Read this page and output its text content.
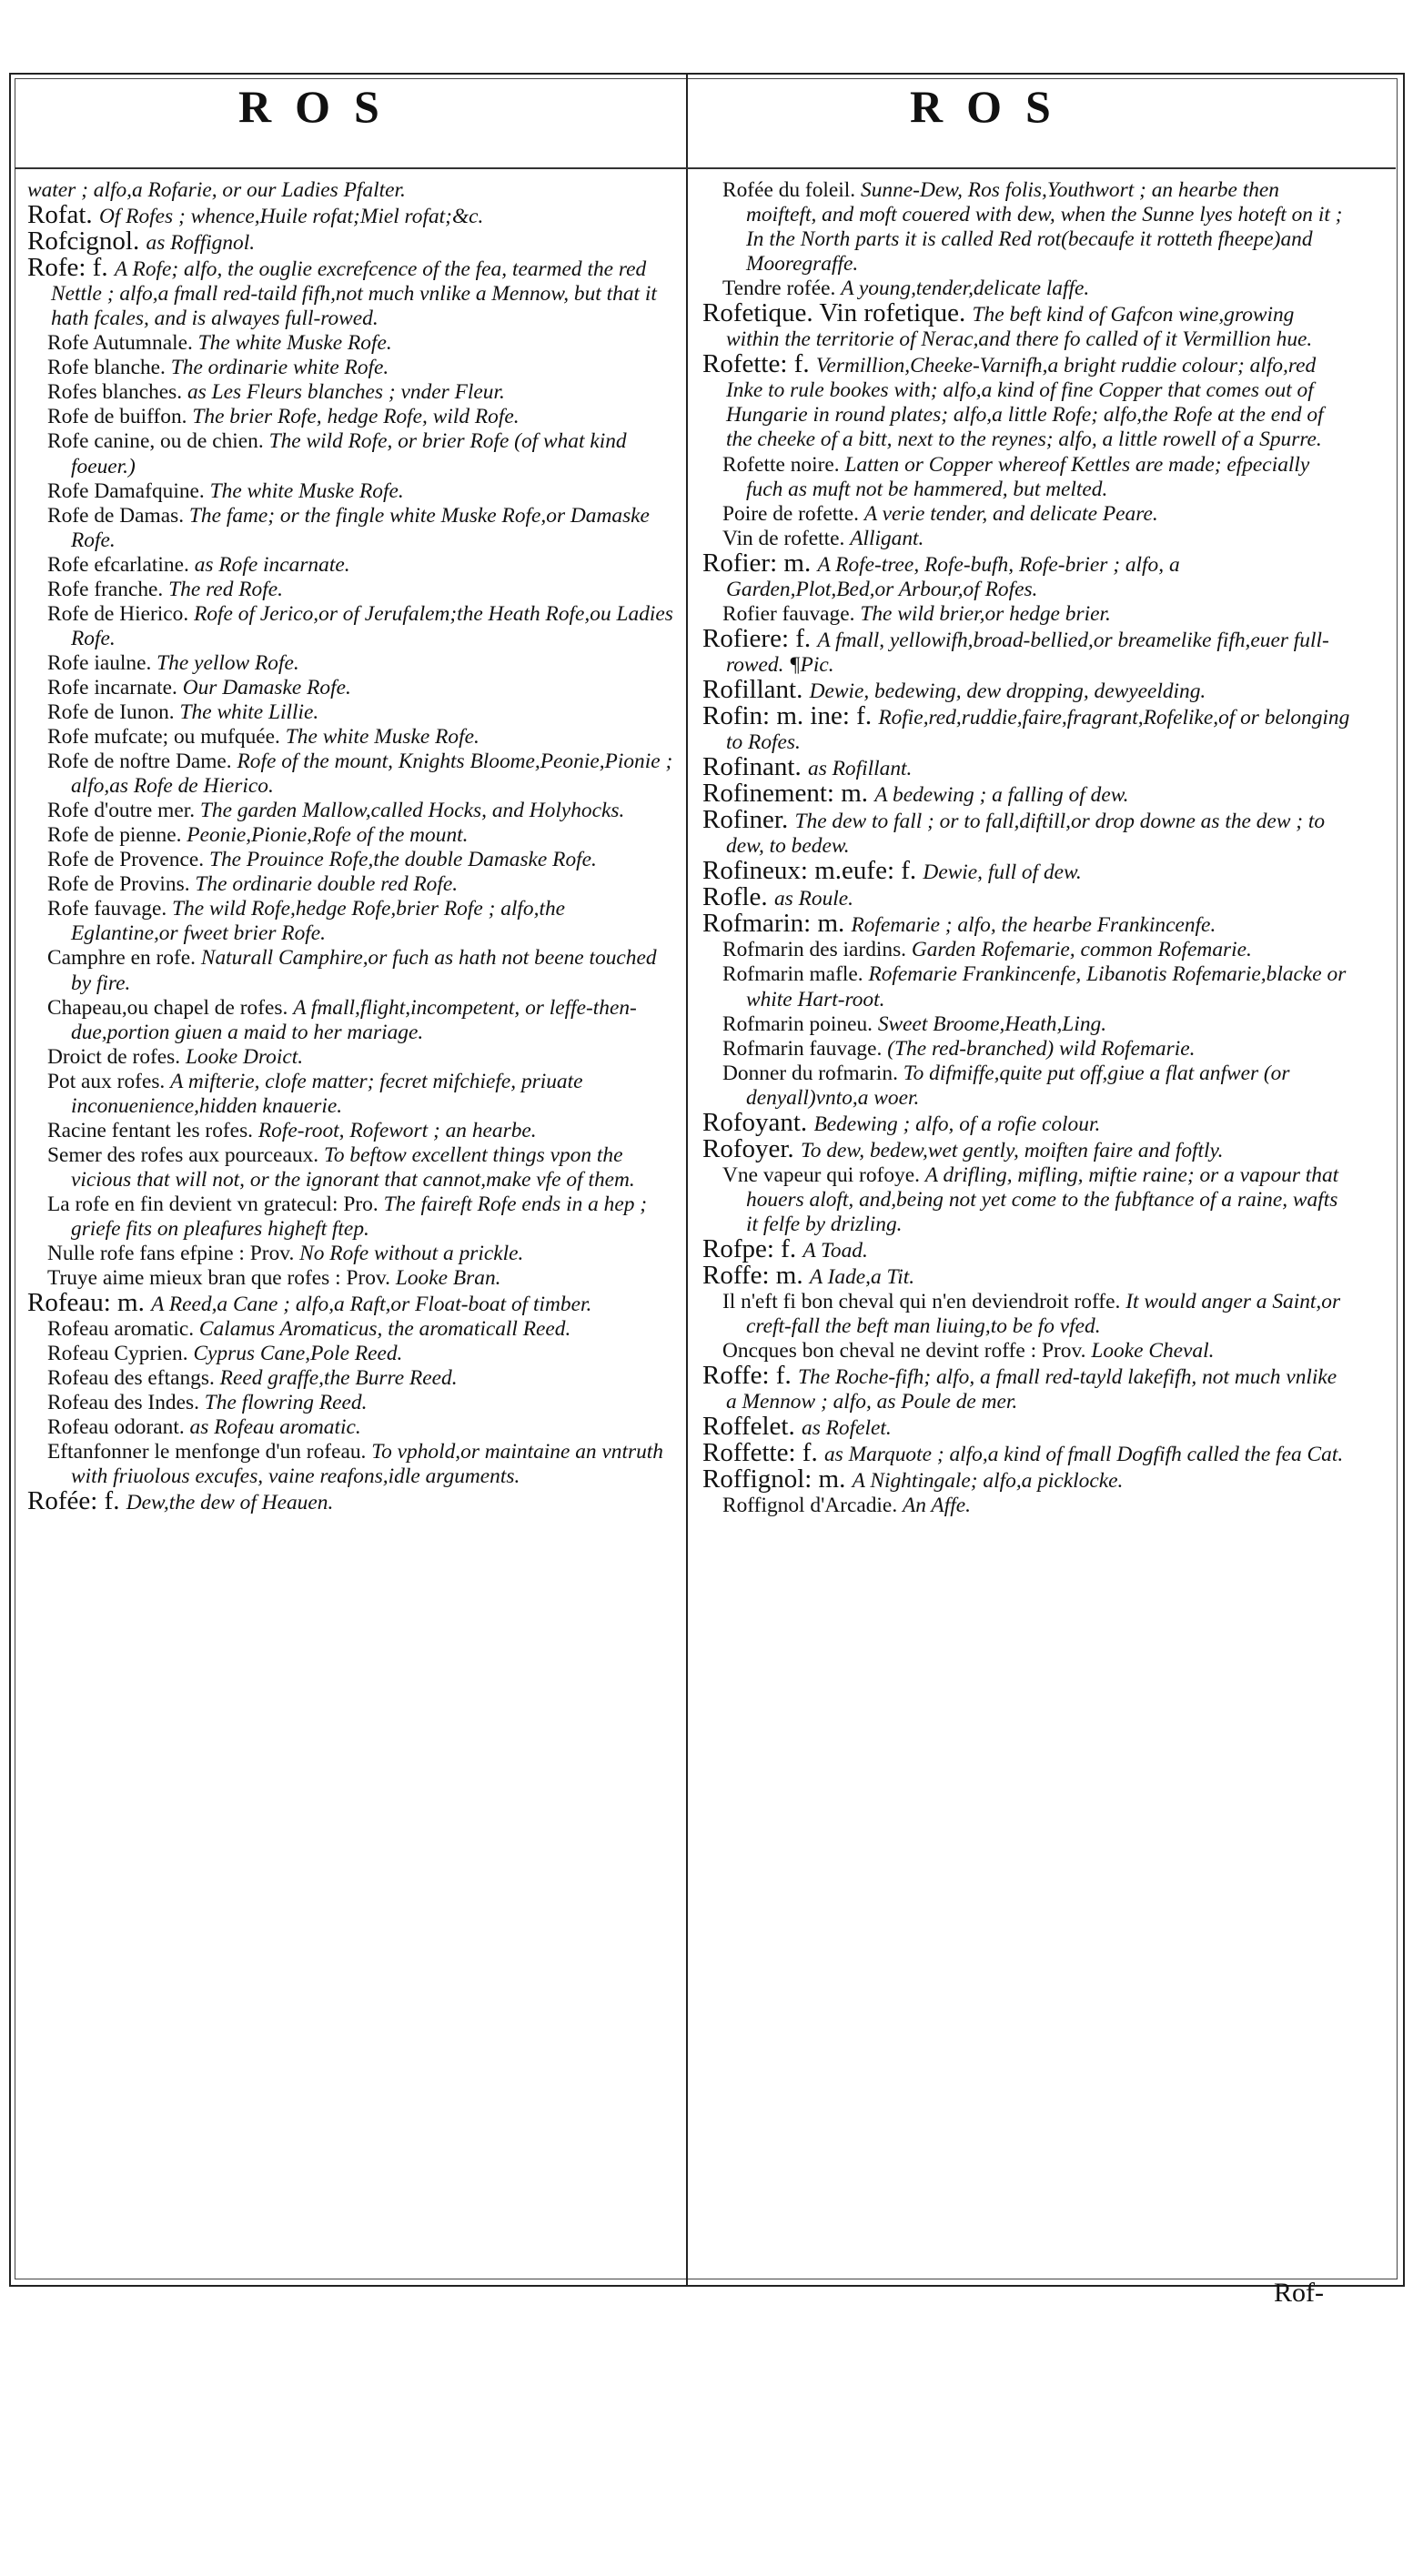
ROS	ROS

water ; alfo,a Rofarie, or our Ladies Pfalter.

Rofat. Of Rofes ; whence,Huile rofat;Miel rofat;&c.

Rofcignol. as Roffignol.

Rofe: f. A Rofe; alfo, the ouglie excrefcence of the fea, tearmed the red Nettle ; alfo,a fmall red-taild fifh,not much vnlike a Mennow, but that it hath fcales, and is alwayes full-rowed.

Rofe Autumnale. The white Muske Rofe.

Rofe blanche. The ordinarie white Rofe.

Rofes blanches. as Les Fleurs blanches ; vnder Fleur.

Rofe de buiffon. The brier Rofe, hedge Rofe, wild Rofe.

Rofe canine, ou de chien. The wild Rofe, or brier Rofe (of what kind foeuer.)

Rofe Damafquine. The white Muske Rofe.

Rofe de Damas. The fame; or the fingle white Muske Rofe,or Damaske Rofe.

Rofe efcarlatine. as Rofe incarnate.

Rofe franche. The red Rofe.

Rofe de Hierico. Rofe of Jerico,or of Jerufalem;the Heath Rofe,ou Ladies Rofe.

Rofe iaulne. The yellow Rofe.

Rofe incarnate. Our Damaske Rofe.

Rofe de Iunon. The white Lillie.

Rofe mufcate; ou mufquée. The white Muske Rofe.

Rofe de noftre Dame. Rofe of the mount, Knights Bloome,Peonie,Pionie ; alfo,as Rofe de Hierico.

Rofe d'outre mer. The garden Mallow,called Hocks, and Holyhocks.

Rofe de pienne. Peonie,Pionie,Rofe of the mount.

Rofe de Provence. The Prouince Rofe,the double Damaske Rofe.

Rofe de Provins. The ordinarie double red Rofe.

Rofe fauvage. The wild Rofe,hedge Rofe,brier Rofe ; alfo,the Eglantine,or fweet brier Rofe.

Camphre en rofe. Naturall Camphire,or fuch as hath not beene touched by fire.

Chapeau,ou chapel de rofes. A fmall,flight,incompetent, or leffe-then-due,portion giuen a maid to her mariage.

Droict de rofes. Looke Droict.

Pot aux rofes. A mifterie, clofe matter; fecret mifchiefe, priuate inconuenience,hidden knauerie.

Racine fentant les rofes. Rofe-root, Rofewort ; an hearbe.

Semer des rofes aux pourceaux. To beftow excellent things vpon the vicious that will not, or the ignorant that cannot,make vfe of them.

La rofe en fin devient vn gratecul: Pro. The faireft Rofe ends in a hep ; griefe fits on pleafures higheft ftep.

Nulle rofe fans efpine : Prov. No Rofe without a prickle.

Truye aime mieux bran que rofes : Prov. Looke Bran.

Rofeau: m. A Reed,a Cane ; alfo,a Raft,or Float-boat of timber.

Rofeau aromatic. Calamus Aromaticus, the aromaticall Reed.

Rofeau Cyprien. Cyprus Cane,Pole Reed.

Rofeau des eftangs. Reed graffe,the Burre Reed.

Rofeau des Indes. The flowring Reed.

Rofeau odorant. as Rofeau aromatic.

Eftanfonner le menfonge d'un rofeau. To vphold,or maintaine an vntruth with friuolous excufes, vaine reafons,idle arguments.

Rofée: f. Dew,the dew of Heauen.

Rofée du foleil. Sunne-Dew, Ros folis,Youthwort ; an hearbe then moifteft, and moft couered with dew, when the Sunne lyes hoteft on it ; In the North parts it is called Red rot(becaufe it rotteth fheepe)and Mooregraffe.

Tendre rofée. A young,tender,delicate laffe.

Rofetique. Vin rofetique. The beft kind of Gafcon wine,growing within the territorie of Nerac,and there fo called of it Vermillion hue.

Rofette: f. Vermillion,Cheeke-Varnifh,a bright ruddie colour; alfo,red Inke to rule bookes with; alfo,a kind of fine Copper that comes out of Hungarie in round plates; alfo,a little Rofe; alfo,the Rofe at the end of the cheeke of a bitt, next to the reynes; alfo, a little rowell of a Spurre.

Rofette noire. Latten or Copper whereof Kettles are made; efpecially fuch as muft not be hammered, but melted.

Poire de rofette. A verie tender, and delicate Peare.

Vin de rofette. Alligant.

Rofier: m. A Rofe-tree, Rofe-bufh, Rofe-brier ; alfo, a Garden,Plot,Bed,or Arbour,of Rofes.

Rofier fauvage. The wild brier,or hedge brier.

Rofiere: f. A fmall, yellowifh,broad-bellied,or breamelike fifh,euer full-rowed. ¶Pic.

Rofillant. Dewie, bedewing, dew dropping, dewyeelding.

Rofin: m. ine: f. Rofie,red,ruddie,faire,fragrant,Rofelike,of or belonging to Rofes.

Rofinant. as Rofillant.

Rofinement: m. A bedewing ; a falling of dew.

Rofiner. The dew to fall ; or to fall,diftill,or drop downe as the dew ; to dew, to bedew.

Rofineux: m.eufe: f. Dewie, full of dew.

Rofle. as Roule.

Rofmarin: m. Rofemarie ; alfo, the hearbe Frankincenfe.

Rofmarin des iardins. Garden Rofemarie, common Rofemarie.

Rofmarin mafle. Rofemarie Frankincenfe, Libanotis Rofemarie,blacke or white Hart-root.

Rofmarin poineu. Sweet Broome,Heath,Ling.

Rofmarin fauvage. (The red-branched) wild Rofemarie.

Donner du rofmarin. To difmiffe,quite put off,giue a flat anfwer (or denyall)vnto,a woer.

Rofoyant. Bedewing ; alfo, of a rofie colour.

Rofoyer. To dew, bedew,wet gently, moiften faire and foftly.

Vne vapeur qui rofoye. A drifling, mifling, miftie raine; or a vapour that houers aloft, and,being not yet come to the fubftance of a raine, wafts it felfe by drizling.

Rofpe: f. A Toad.

Roffe: m. A Iade,a Tit.

Il n'eft fi bon cheval qui n'en deviendroit roffe. It would anger a Saint,or creft-fall the beft man liuing,to be fo vfed.

Oncques bon cheval ne devint roffe : Prov. Looke Cheval.

Roffe: f. The Roche-fifh; alfo, a fmall red-tayld lakefifh, not much vnlike a Mennow ; alfo, as Poule de mer.

Roffelet. as Rofelet.

Roffette: f. as Marquote ; alfo,a kind of fmall Dogfifh called the fea Cat.

Roffignol: m. A Nightingale; alfo,a picklocke.

Roffignol d'Arcadie. An Affe.

Rof-
